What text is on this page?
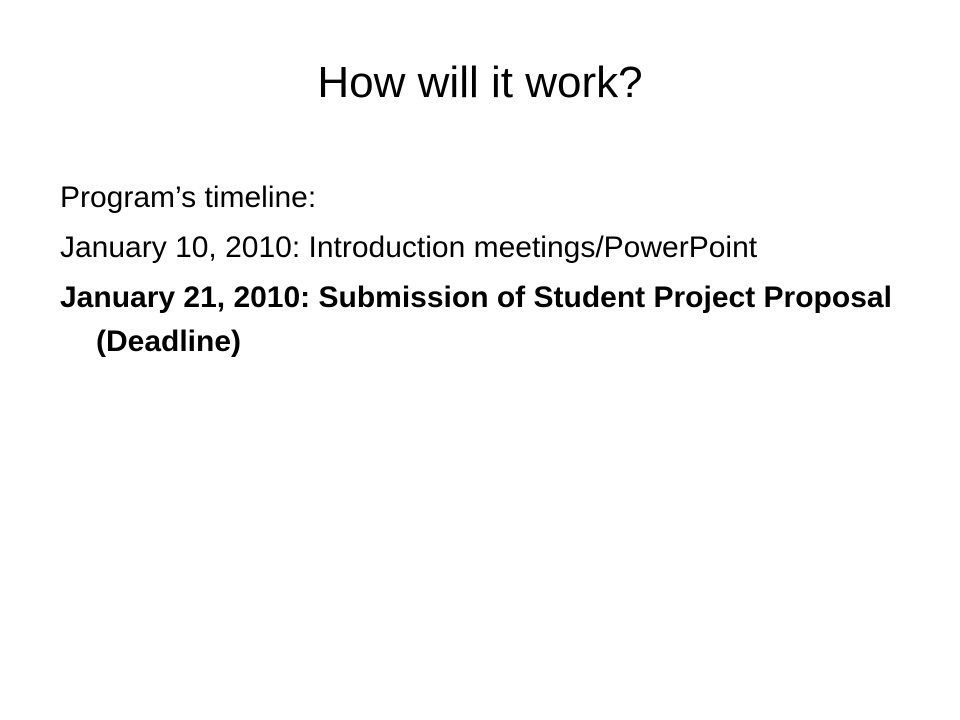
How will it work?

Program’s timeline:

January 10, 2010: Introduction meetings/PowerPoint

January 21, 2010: Submission of Student Project Proposal (Deadline)
